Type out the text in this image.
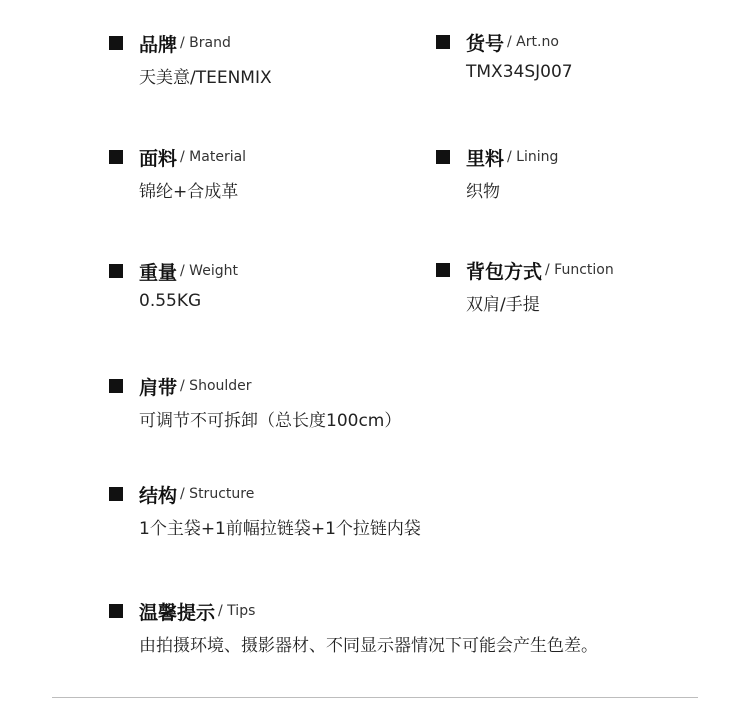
品牌 / Brand
天美意/TEENMIX
货号 / Art.no
TMX34SJ007
面料 / Material
锦纶+合成革
里料 / Lining
织物
重量 / Weight
0.55KG
背包方式 / Function
双肩/手提
肩带 / Shoulder
可调节不可拆卸（总长度100cm）
结构 / Structure
1个主袋+1前幅拉链袋+1个拉链内袋
温馨提示 / Tips
由拍摄环境、摄影器材、不同显示器情况下可能会产生色差。
